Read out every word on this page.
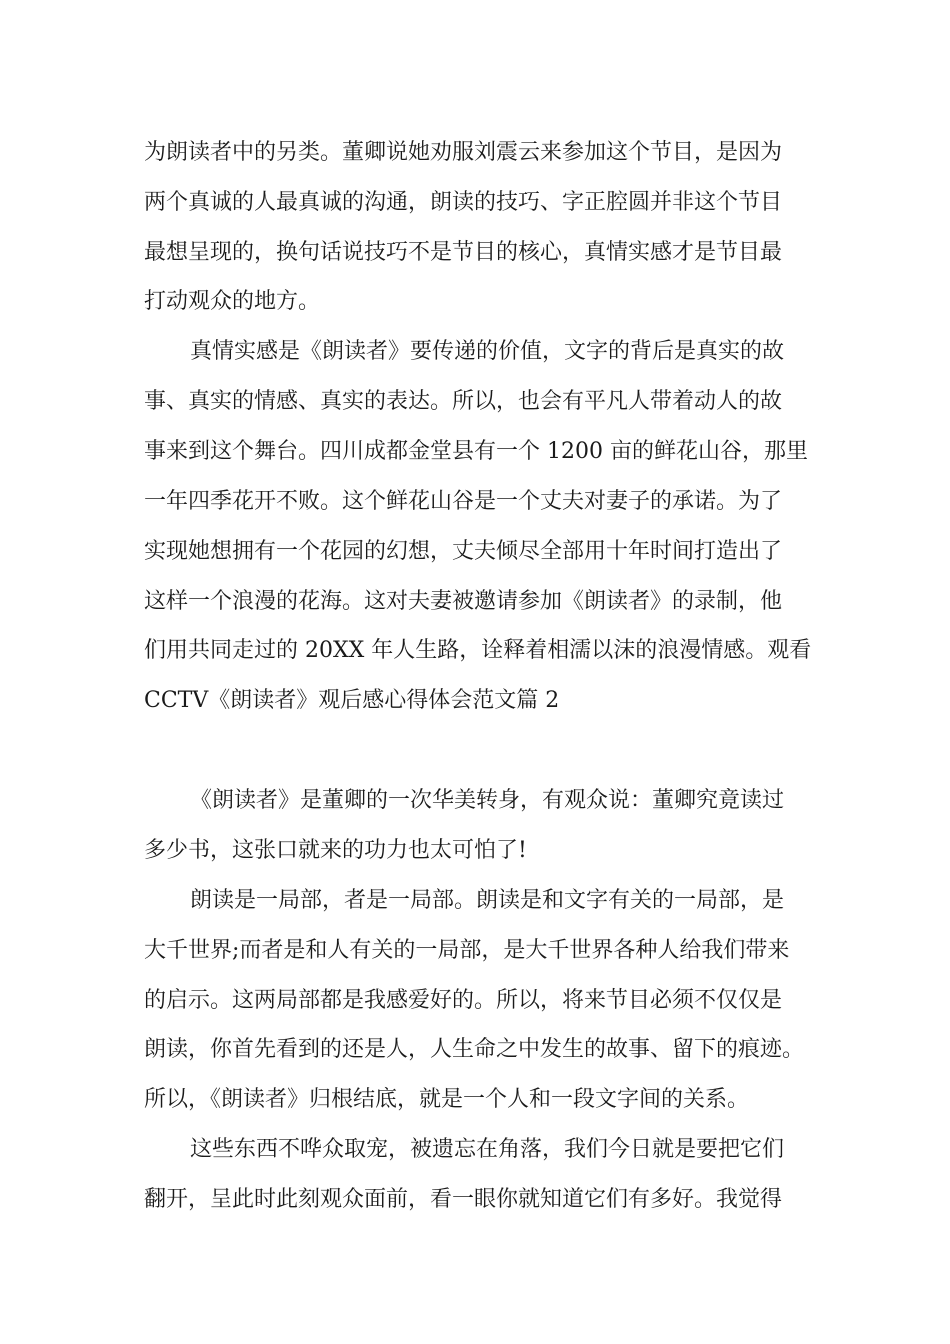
为朗读者中的另类。董卿说她劝服刘震云来参加这个节目，是因为
两个真诚的人最真诚的沟通，朗读的技巧、字正腔圆并非这个节目
最想呈现的，换句话说技巧不是节目的核心，真情实感才是节目最
打动观众的地方。
真情实感是《朗读者》要传递的价值，文字的背后是真实的故
事、真实的情感、真实的表达。所以，也会有平凡人带着动人的故
事来到这个舞台。四川成都金堂县有一个 1200 亩的鲜花山谷，那里
一年四季花开不败。这个鲜花山谷是一个丈夫对妻子的承诺。为了
实现她想拥有一个花园的幻想，丈夫倾尽全部用十年时间打造出了
这样一个浪漫的花海。这对夫妻被邀请参加《朗读者》的录制，他
们用共同走过的 20XX 年人生路，诠释着相濡以沫的浪漫情感。观看
CCTV《朗读者》观后感心得体会范文篇 2
《朗读者》是董卿的一次华美转身，有观众说：董卿究竟读过
多少书，这张口就来的功力也太可怕了!
朗读是一局部，者是一局部。朗读是和文字有关的一局部，是
大千世界;而者是和人有关的一局部，是大千世界各种人给我们带来
的启示。这两局部都是我感爱好的。所以，将来节目必须不仅仅是
朗读，你首先看到的还是人，人生命之中发生的故事、留下的痕迹。
所以，《朗读者》归根结底，就是一个人和一段文字间的关系。
这些东西不哗众取宠，被遗忘在角落，我们今日就是要把它们
翻开，呈此时此刻观众面前，看一眼你就知道它们有多好。我觉得
